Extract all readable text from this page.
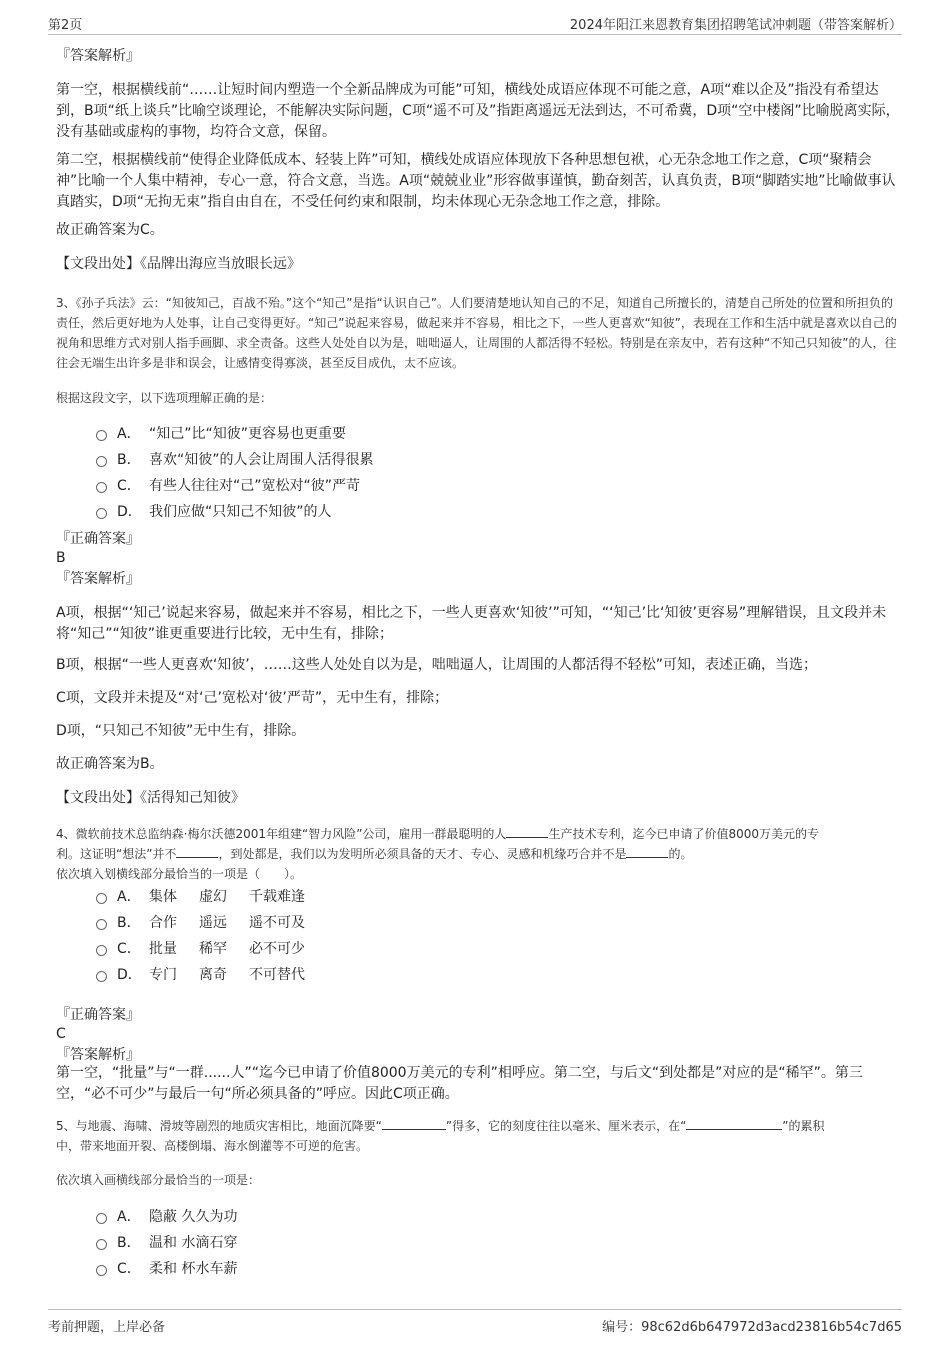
第2页	2024年阳江来恩教育集团招聘笔试冲刺题（带答案解析）

『答案解析』

第一空，根据横线前“……让短时间内塑造一个全新品牌成为可能”可知，横线处成语应体现不可能之意，A项“难以企及”指没有希望达到，B项“纸上谈兵”比喻空谈理论，不能解决实际问题，C项“遥不可及”指距离遥远无法到达，不可希冀，D项“空中楼阁”比喻脱离实际，没有基础或虚构的事物，均符合文意，保留。

第二空，根据横线前“使得企业降低成本、轻装上阵”可知，横线处成语应体现放下各种思想包袱，心无杂念地工作之意，C项“聚精会神”比喻一个人集中精神，专心一意，符合文意，当选。A项“兢兢业业”形容做事谨慎，勤奋刻苦，认真负责，B项“脚踏实地”比喻做事认真踏实，D项“无拘无束”指自由自在，不受任何约束和限制，均未体现心无杂念地工作之意，排除。

故正确答案为C。

【文段出处】《品牌出海应当放眼长远》

3、《孙子兵法》云：“知彼知己，百战不殆。”这个“知己”是指“认识自己”。人们要清楚地认知自己的不足，知道自己所擅长的，清楚自己所处的位置和所担负的责任，然后更好地为人处事，让自己变得更好。“知己”说起来容易，做起来并不容易，相比之下，一些人更喜欢“知彼”，表现在工作和生活中就是喜欢以自己的视角和思维方式对别人指手画脚、求全责备。这些人处处自以为是，咄咄逼人，让周围的人都活得不轻松。特别是在亲友中，若有这种“不知己只知彼”的人，往往会无端生出许多是非和误会，让感情变得寡淡，甚至反目成仇，太不应该。

根据这段文字，以下选项理解正确的是：

A． “知己”比“知彼”更容易也更重要
B． 喜欢“知彼”的人会让周围人活得很累
C． 有些人往往对“己”宽松对“彼”严苛
D． 我们应做“只知己不知彼”的人

『正确答案』

B

『答案解析』

A项，根据“‘知己’说起来容易，做起来并不容易，相比之下，一些人更喜欢‘知彼’”可知，“‘知己’比‘知彼’更容易”理解错误，且文段并未将“知己”“知彼”谁更重要进行比较，无中生有，排除；

B项，根据“一些人更喜欢‘知彼’，……这些人处处自以为是，咄咄逼人，让周围的人都活得不轻松”可知，表述正确，当选；

C项，文段并未提及“对‘己’宽松对‘彼’严苛”，无中生有，排除；

D项，“只知己不知彼”无中生有，排除。

故正确答案为B。

【文段出处】《活得知己知彼》

4、微软前技术总监纳森·梅尔沃德2001年组建“智力风险”公司，雇用一群最聪明的人	生产技术专利，迄今已申请了价值8000万美元的专
利。这证明“想法”并不	，到处都是，我们以为发明所必须具备的天才、专心、灵感和机缘巧合并不是	的。
依次填入划横线部分最恰当的一项是（　　）。

A． 集体 虚幻 千载难逢
B． 合作 遥远 遥不可及
C． 批量 稀罕 必不可少
D． 专门 离奇 不可替代

『正确答案』

C

『答案解析』

第一空，“批量”与“一群......人”“迄今已申请了价值8000万美元的专利”相呼应。第二空，与后文“到处都是”对应的是“稀罕”。第三空，“必不可少”与最后一句“所必须具备的”呼应。因此C项正确。

5、与地震、海啸、滑坡等剧烈的地质灾害相比，地面沉降要“	”得多，它的刻度往往以毫米、厘米表示，在“	”的累积
中，带来地面开裂、高楼倒塌、海水倒灌等不可逆的危害。

依次填入画横线部分最恰当的一项是：

A． 隐蔽 久久为功
B． 温和 水滴石穿
C． 柔和 杯水车薪
考前押题，上岸必备	编号：98c62d6b647972d3acd23816b54c7d65
